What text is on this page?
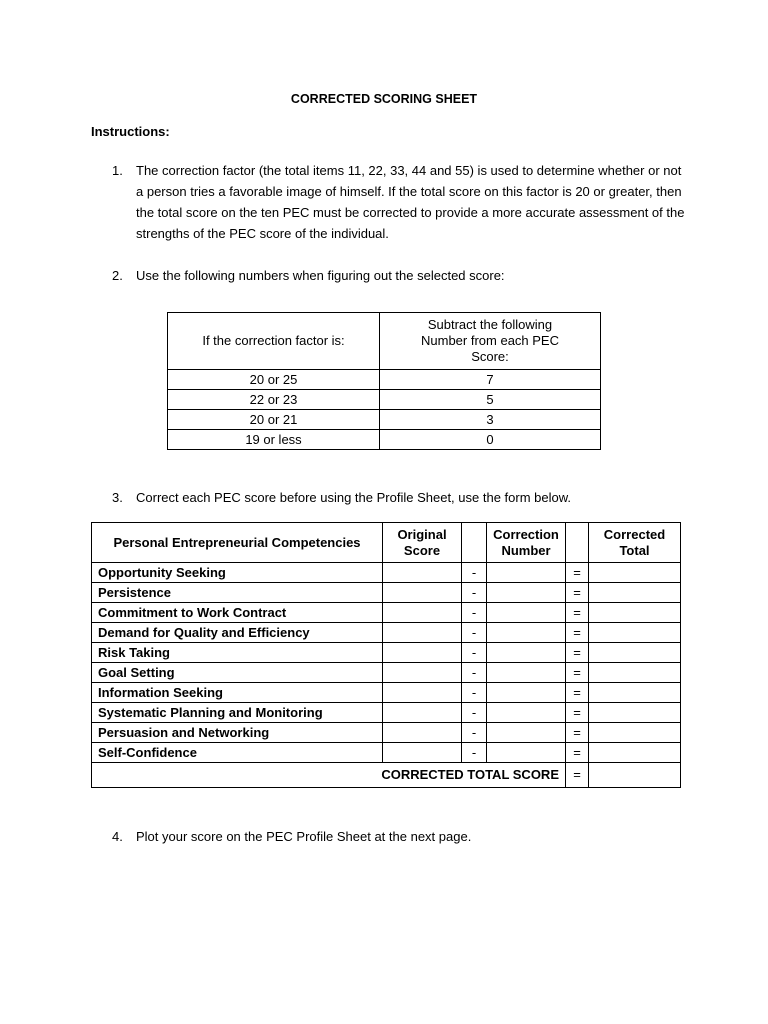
CORRECTED SCORING SHEET
Instructions:
1. The correction factor (the total items 11, 22, 33, 44 and 55) is used to determine whether or not a person tries a favorable image of himself. If the total score on this factor is 20 or greater, then the total score on the ten PEC must be corrected to provide a more accurate assessment of the strengths of the PEC score of the individual.
2. Use the following numbers when figuring out the selected score:
If the correction factor is:	Subtract the following Number from each PEC Score:
20 or 25	7
22 or 23	5
20 or 21	3
19 or less	0
3. Correct each PEC score before using the Profile Sheet, use the form below.
Personal Entrepreneurial Competencies	Original Score		Correction Number		Corrected Total
Opportunity Seeking		-		=	
Persistence		-		=	
Commitment to Work Contract		-		=	
Demand for Quality and Efficiency		-		=	
Risk Taking		-		=	
Goal Setting		-		=	
Information Seeking		-		=	
Systematic Planning and Monitoring		-		=	
Persuasion and Networking		-		=	
Self-Confidence		-		=	
CORRECTED TOTAL SCORE				=	
4. Plot your score on the PEC Profile Sheet at the next page.
